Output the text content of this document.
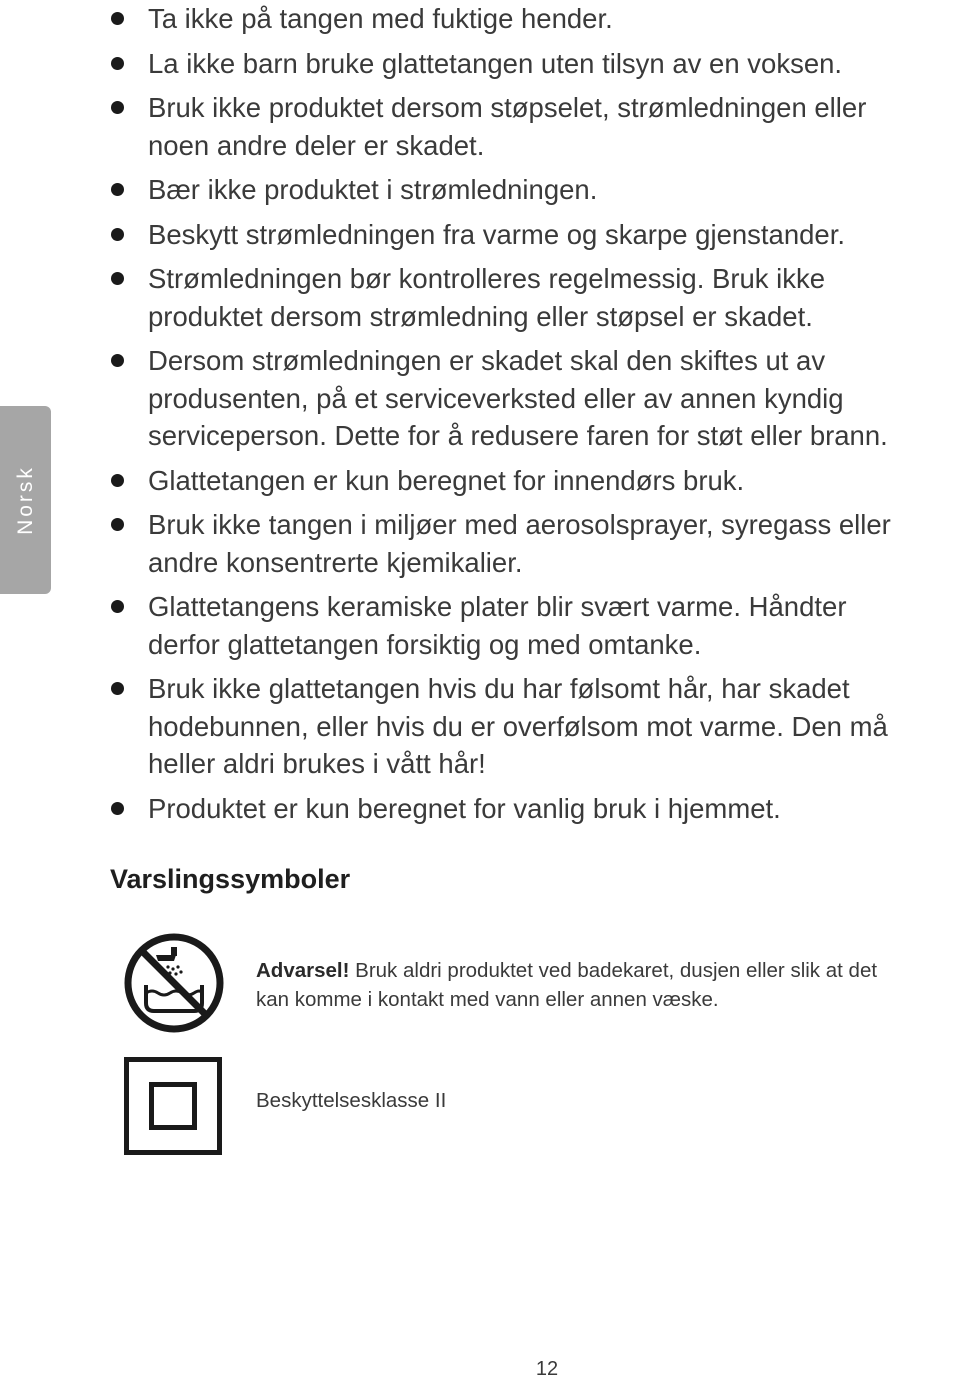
Norsk
Ta ikke på tangen med fuktige hender.
La ikke barn bruke glattetangen uten tilsyn av en voksen.
Bruk ikke produktet dersom støpselet, strømledningen eller
noen andre deler er skadet.
Bær ikke produktet i strømledningen.
Beskytt strømledningen fra varme og skarpe gjenstander.
Strømledningen bør kontrolleres regelmessig. Bruk ikke
produktet dersom strømledning eller støpsel er skadet.
Dersom strømledningen er skadet skal den skiftes ut av
produsenten, på et serviceverksted eller av annen kyndig
serviceperson. Dette for å redusere faren for støt eller brann.
Glattetangen er kun beregnet for innendørs bruk.
Bruk ikke tangen i miljøer med aerosolsprayer, syregass eller
andre konsentrerte kjemikalier.
Glattetangens keramiske plater blir svært varme. Håndter
derfor glattetangen forsiktig og med omtanke.
Bruk ikke glattetangen hvis du har følsomt hår, har skadet
hodebunnen, eller hvis du er overfølsom mot varme. Den må
heller aldri brukes i vått hår!
Produktet er kun beregnet for vanlig bruk i hjemmet.
Varslingssymboler

Advarsel! Bruk aldri produktet ved badekaret, dusjen eller slik at det
kan komme i kontakt med vann eller annen væske.

Beskyttelsesklasse II

12
